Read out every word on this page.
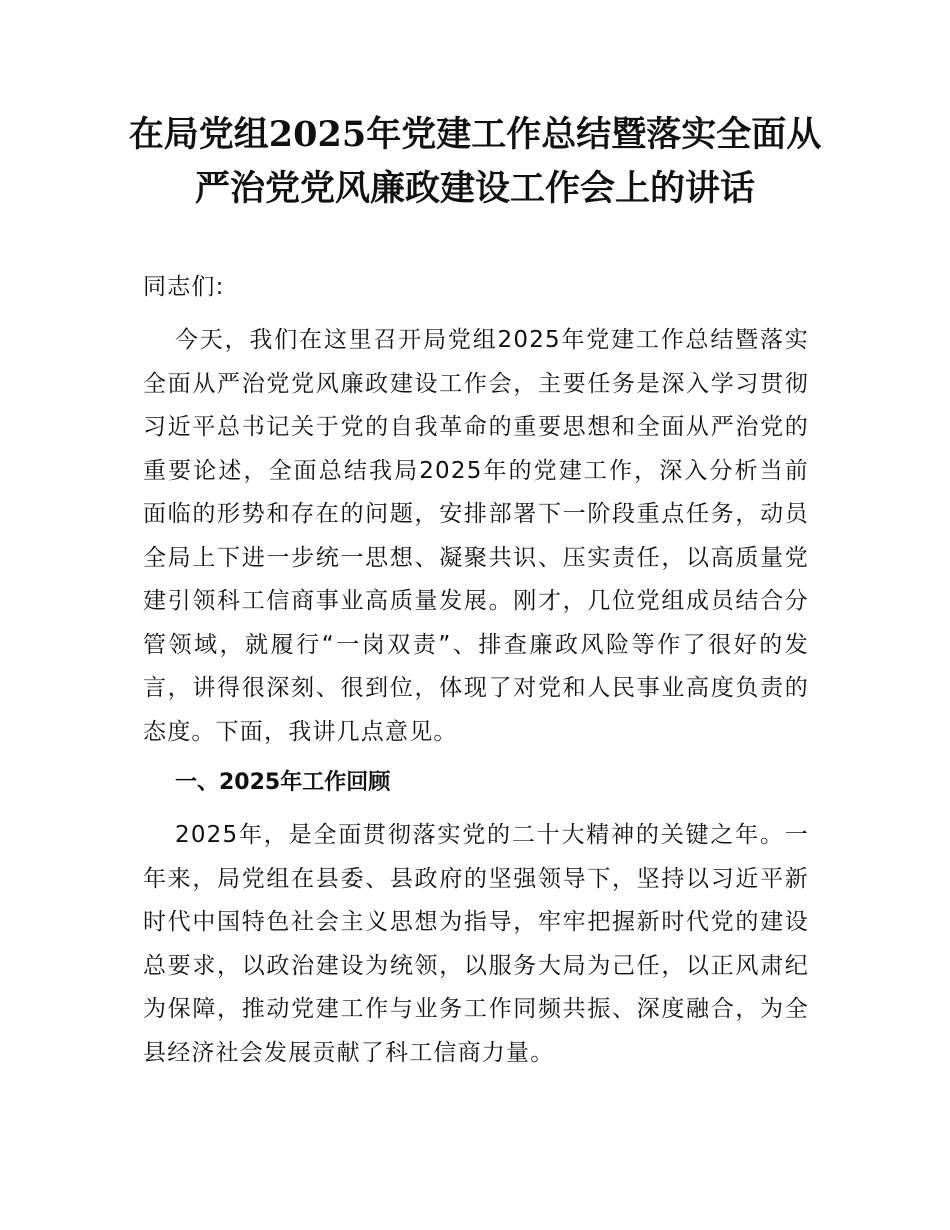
在局党组2025年党建工作总结暨落实全面从
严治党党风廉政建设工作会上的讲话

同志们:

今天，我们在这里召开局党组2025年党建工作总结暨落实全面从严治党党风廉政建设工作会，主要任务是深入学习贯彻习近平总书记关于党的自我革命的重要思想和全面从严治党的重要论述，全面总结我局2025年的党建工作，深入分析当前面临的形势和存在的问题，安排部署下一阶段重点任务，动员全局上下进一步统一思想、凝聚共识、压实责任，以高质量党建引领科工信商事业高质量发展。刚才，几位党组成员结合分管领域，就履行“一岗双责”、排查廉政风险等作了很好的发言，讲得很深刻、很到位，体现了对党和人民事业高度负责的态度。下面，我讲几点意见。

一、2025年工作回顾

2025年，是全面贯彻落实党的二十大精神的关键之年。一年来，局党组在县委、县政府的坚强领导下，坚持以习近平新时代中国特色社会主义思想为指导，牢牢把握新时代党的建设总要求，以政治建设为统领，以服务大局为己任，以正风肃纪为保障，推动党建工作与业务工作同频共振、深度融合，为全县经济社会发展贡献了科工信商力量。
